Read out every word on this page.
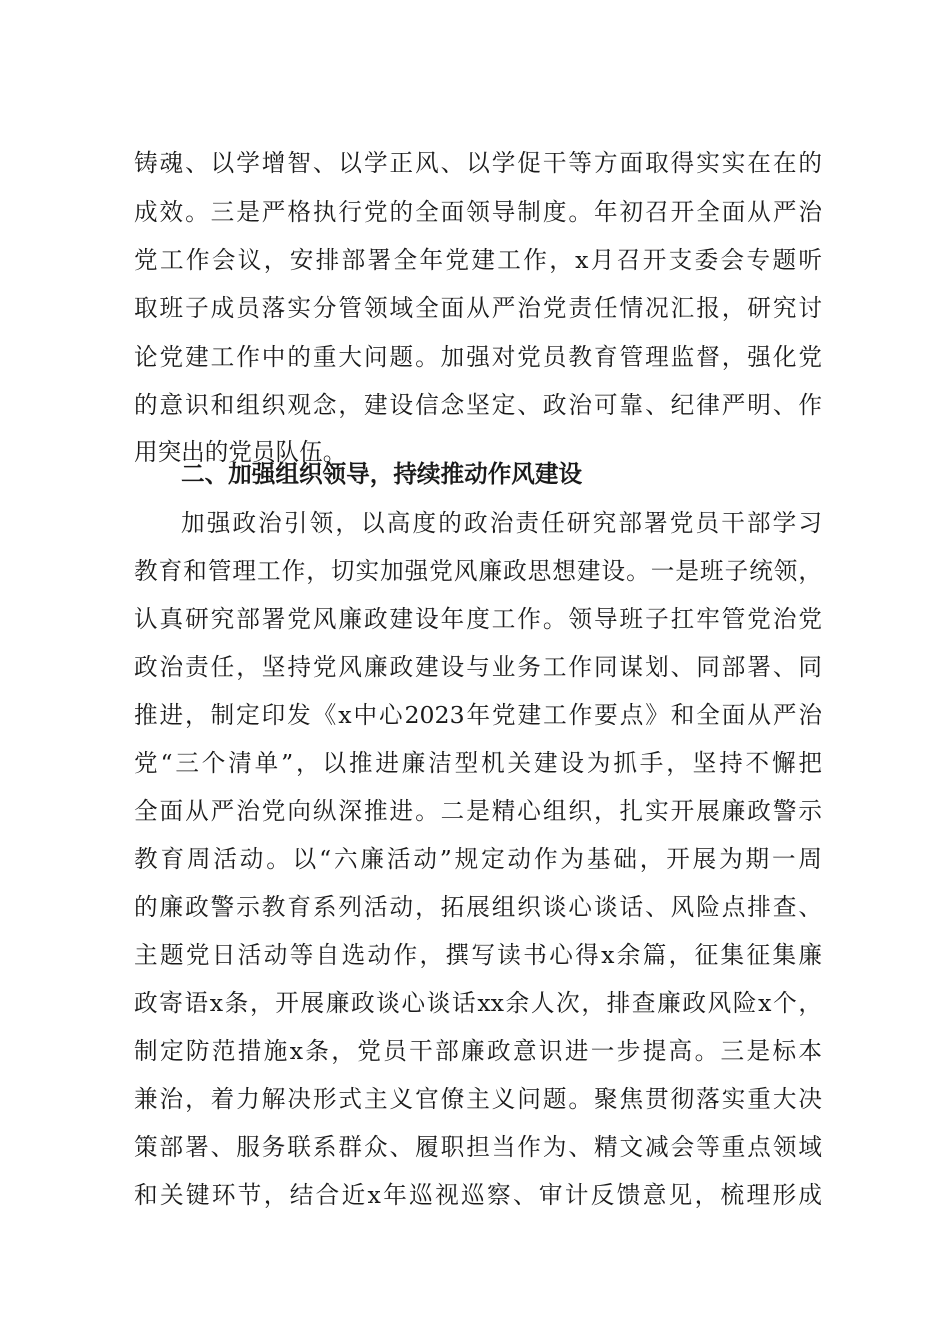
铸魂、以学增智、以学正风、以学促干等方面取得实实在在的
成效。三是严格执行党的全面领导制度。年初召开全面从严治
党工作会议，安排部署全年党建工作，x月召开支委会专题听
取班子成员落实分管领域全面从严治党责任情况汇报，研究讨
论党建工作中的重大问题。加强对党员教育管理监督，强化党
的意识和组织观念，建设信念坚定、政治可靠、纪律严明、作
用突出的党员队伍。
二、加强组织领导，持续推动作风建设
加强政治引领，以高度的政治责任研究部署党员干部学习
教育和管理工作，切实加强党风廉政思想建设。一是班子统领，
认真研究部署党风廉政建设年度工作。领导班子扛牢管党治党
政治责任，坚持党风廉政建设与业务工作同谋划、同部署、同
推进，制定印发《x中心2023年党建工作要点》和全面从严治
党“三个清单”，以推进廉洁型机关建设为抓手，坚持不懈把
全面从严治党向纵深推进。二是精心组织，扎实开展廉政警示
教育周活动。以“六廉活动”规定动作为基础，开展为期一周
的廉政警示教育系列活动，拓展组织谈心谈话、风险点排查、
主题党日活动等自选动作，撰写读书心得x余篇，征集征集廉
政寄语x条，开展廉政谈心谈话xx余人次，排查廉政风险x个，
制定防范措施x条，党员干部廉政意识进一步提高。三是标本
兼治，着力解决形式主义官僚主义问题。聚焦贯彻落实重大决
策部署、服务联系群众、履职担当作为、精文减会等重点领域
和关键环节，结合近x年巡视巡察、审计反馈意见，梳理形成
